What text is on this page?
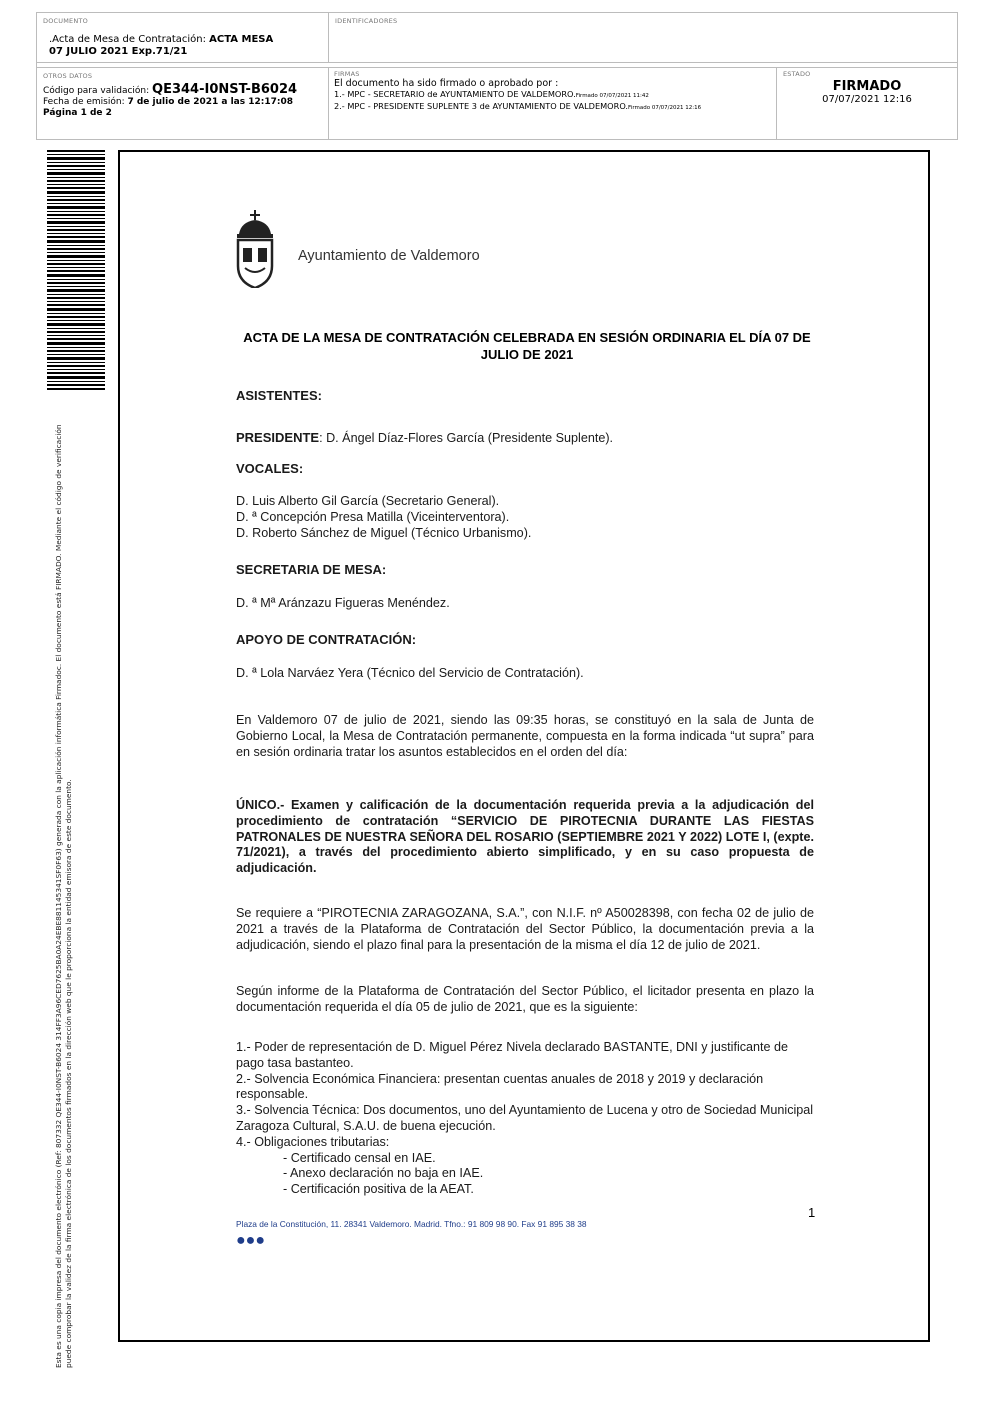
DOCUMENTO
.Acta de Mesa de Contratación: ACTA MESA 07 JULIO 2021 Exp.71/21
IDENTIFICADORES
OTROS DATOS
Código para validación: QE344-I0NST-B6024
Fecha de emisión: 7 de julio de 2021 a las 12:17:08
Página 1 de 2
FIRMAS
El documento ha sido firmado o aprobado por :
1.- MPC - SECRETARIO de AYUNTAMIENTO DE VALDEMORO.Firmado 07/07/2021 11:42
2.- MPC - PRESIDENTE SUPLENTE 3 de AYUNTAMIENTO DE VALDEMORO.Firmado 07/07/2021 12:16
ESTADO
FIRMADO
07/07/2021 12:16
Esta es una copia impresa del documento electrónico (Ref: 807332 QE344-I0NST-B6024 314FF3A96CED7625BA0A24EBE881145341SF0F63) generada con la aplicación informática Firmadoc. El documento está FIRMADO. Mediante el código de verificación puede comprobar la validez de la firma electrónica de los documentos firmados en la dirección web que le proporciona la entidad emisora de este documento.
Ayuntamiento de Valdemoro
ACTA DE LA MESA DE CONTRATACIÓN CELEBRADA EN SESIÓN ORDINARIA EL DÍA 07 DE JULIO DE 2021
ASISTENTES:
PRESIDENTE: D. Ángel Díaz-Flores García (Presidente Suplente).
VOCALES:
D. Luis Alberto Gil García (Secretario General).
D. ª Concepción Presa Matilla (Viceinterventora).
D. Roberto Sánchez de Miguel (Técnico Urbanismo).
SECRETARIA DE MESA:
D. ª Mª Aránzazu Figueras Menéndez.
APOYO DE CONTRATACIÓN:
D. ª Lola Narváez Yera (Técnico del Servicio de Contratación).
En Valdemoro 07 de julio de 2021, siendo las 09:35 horas, se constituyó en la sala de Junta de Gobierno Local, la Mesa de Contratación permanente, compuesta en la forma indicada “ut supra” para en sesión ordinaria tratar los asuntos establecidos en el orden del día:
ÚNICO.- Examen y calificación de la documentación requerida previa a la adjudicación del procedimiento de contratación “SERVICIO DE PIROTECNIA DURANTE LAS FIESTAS PATRONALES DE NUESTRA SEÑORA DEL ROSARIO (SEPTIEMBRE 2021 Y 2022) LOTE I, (expte. 71/2021), a través del procedimiento abierto simplificado, y en su caso propuesta de adjudicación.
Se requiere a “PIROTECNIA ZARAGOZANA, S.A.”, con N.I.F. nº A50028398, con fecha 02 de julio de 2021 a través de la Plataforma de Contratación del Sector Público, la documentación previa a la adjudicación, siendo el plazo final para la presentación de la misma el día 12 de julio de 2021.
Según informe de la Plataforma de Contratación del Sector Público, el licitador presenta en plazo la documentación requerida el día 05 de julio de 2021, que es la siguiente:
1.- Poder de representación de D. Miguel Pérez Nivela declarado BASTANTE, DNI y justificante de pago tasa bastanteo.
2.- Solvencia Económica Financiera: presentan cuentas anuales de 2018 y 2019 y declaración responsable.
3.- Solvencia Técnica: Dos documentos, uno del Ayuntamiento de Lucena y otro de Sociedad Municipal Zaragoza Cultural, S.A.U. de buena ejecución.
4.- Obligaciones tributarias:
- Certificado censal en IAE.
- Anexo declaración no baja en IAE.
- Certificación positiva de la AEAT.
1
Plaza de la Constitución, 11. 28341 Valdemoro. Madrid. Tfno.: 91 809 98 90. Fax 91 895 38 38
●●●
